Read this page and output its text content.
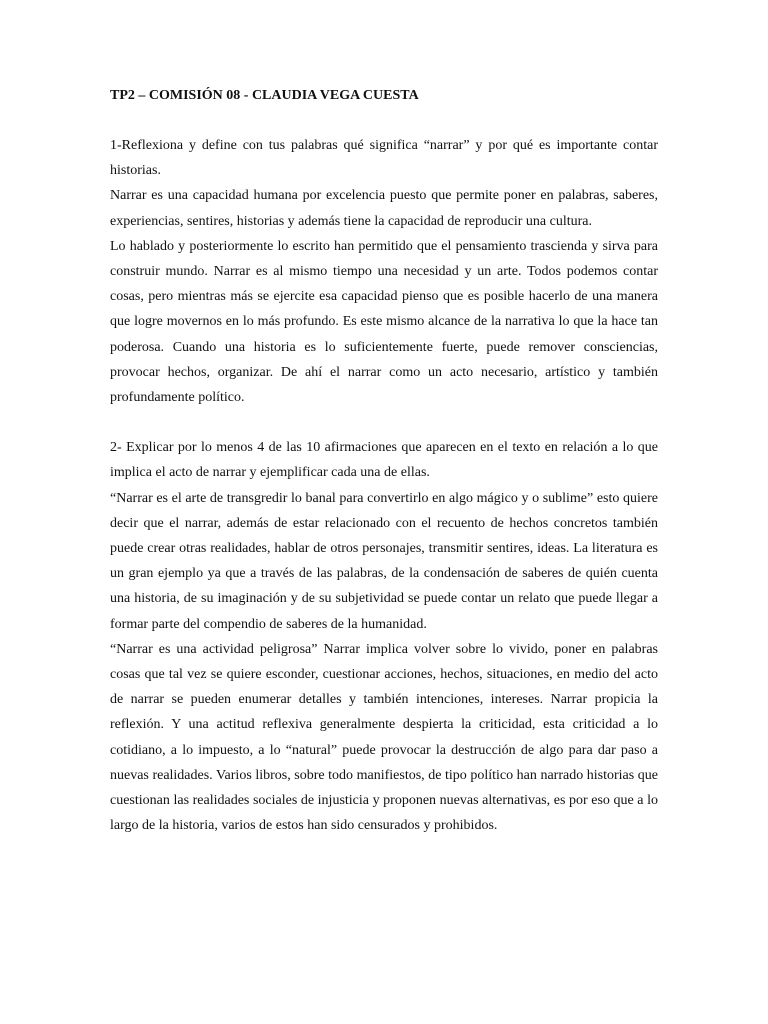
TP2 – COMISIÓN 08 - CLAUDIA VEGA CUESTA

1-Reflexiona y define con tus palabras qué significa “narrar” y por qué es importante contar historias.

Narrar es una capacidad humana por excelencia puesto que permite poner en palabras, saberes, experiencias, sentires, historias y además tiene la capacidad de reproducir una cultura.

Lo hablado y posteriormente lo escrito han permitido que el pensamiento trascienda y sirva para construir mundo. Narrar es al mismo tiempo una necesidad y un arte. Todos podemos contar cosas, pero mientras más se ejercite esa capacidad pienso que es posible hacerlo de una manera que logre movernos en lo más profundo. Es este mismo alcance de la narrativa lo que la hace tan poderosa. Cuando una historia es lo suficientemente fuerte, puede remover consciencias, provocar hechos, organizar. De ahí el narrar como un acto necesario, artístico y también profundamente político.

2- Explicar por lo menos 4 de las 10 afirmaciones que aparecen en el texto en relación a lo que implica el acto de narrar y ejemplificar cada una de ellas.

“Narrar es el arte de transgredir lo banal para convertirlo en algo mágico y o sublime” esto quiere decir que el narrar, además de estar relacionado con el recuento de hechos concretos también puede crear otras realidades, hablar de otros personajes, transmitir sentires, ideas. La literatura es un gran ejemplo ya que a través de las palabras, de la condensación de saberes de quién cuenta una historia, de su imaginación y de su subjetividad se puede contar un relato que puede llegar a formar parte del compendio de saberes de la humanidad.

“Narrar es una actividad peligrosa” Narrar implica volver sobre lo vivido, poner en palabras cosas que tal vez se quiere esconder, cuestionar acciones, hechos, situaciones, en medio del acto de narrar se pueden enumerar detalles y también intenciones, intereses. Narrar propicia la reflexión. Y una actitud reflexiva generalmente despierta la criticidad, esta criticidad a lo cotidiano, a lo impuesto, a lo “natural” puede provocar la destrucción de algo para dar paso a nuevas realidades. Varios libros, sobre todo manifiestos, de tipo político han narrado historias que cuestionan las realidades sociales de injusticia y proponen nuevas alternativas, es por eso que a lo largo de la historia, varios de estos han sido censurados y prohibidos.
